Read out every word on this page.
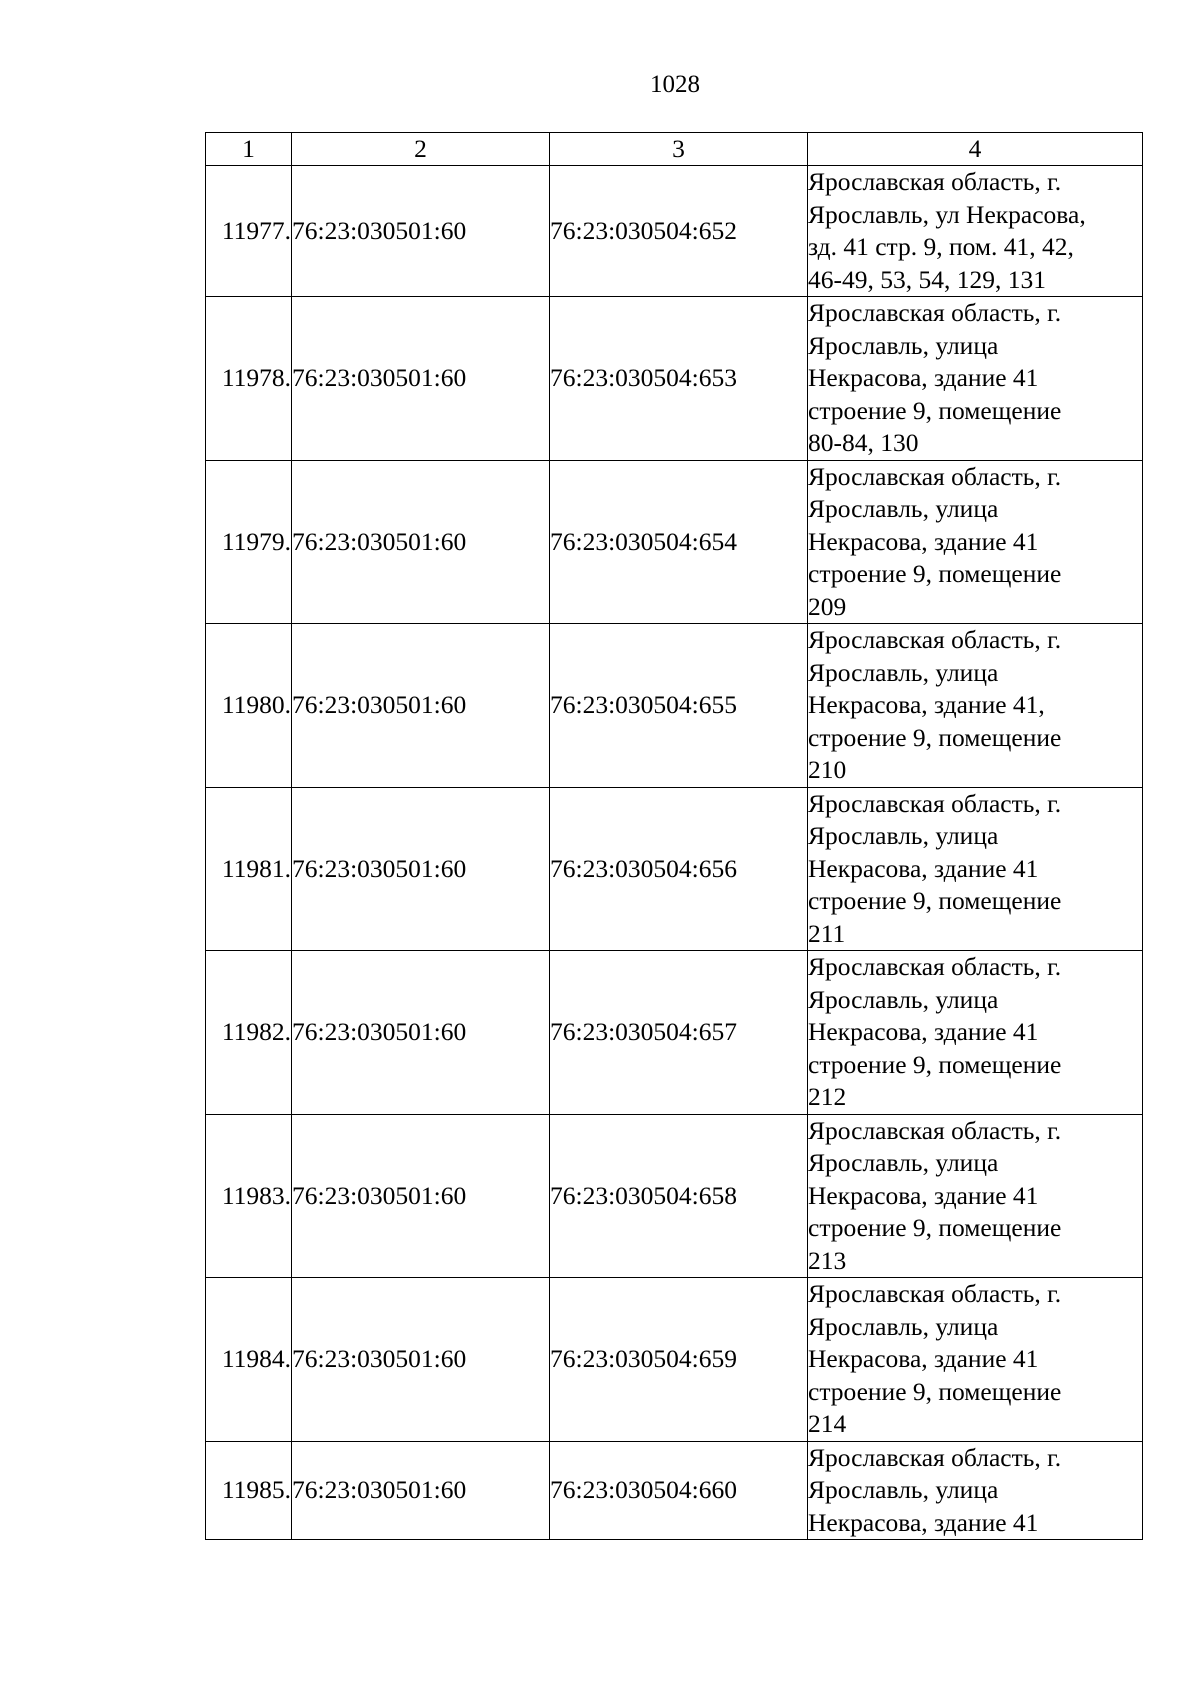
1028
1	2	3	4
11977.	76:23:030501:60	76:23:030504:652	Ярославская область, г.
Ярославль, ул Некрасова,
зд. 41 стр. 9, пом. 41, 42,
46-49, 53, 54, 129, 131
11978.	76:23:030501:60	76:23:030504:653	Ярославская область, г.
Ярославль, улица
Некрасова, здание 41
строение 9, помещение
80-84, 130
11979.	76:23:030501:60	76:23:030504:654	Ярославская область, г.
Ярославль, улица
Некрасова, здание 41
строение 9, помещение
209
11980.	76:23:030501:60	76:23:030504:655	Ярославская область, г.
Ярославль, улица
Некрасова, здание 41,
строение 9, помещение
210
11981.	76:23:030501:60	76:23:030504:656	Ярославская область, г.
Ярославль, улица
Некрасова, здание 41
строение 9, помещение
211
11982.	76:23:030501:60	76:23:030504:657	Ярославская область, г.
Ярославль, улица
Некрасова, здание 41
строение 9, помещение
212
11983.	76:23:030501:60	76:23:030504:658	Ярославская область, г.
Ярославль, улица
Некрасова, здание 41
строение 9, помещение
213
11984.	76:23:030501:60	76:23:030504:659	Ярославская область, г.
Ярославль, улица
Некрасова, здание 41
строение 9, помещение
214
11985.	76:23:030501:60	76:23:030504:660	Ярославская область, г.
Ярославль, улица
Некрасова, здание 41
